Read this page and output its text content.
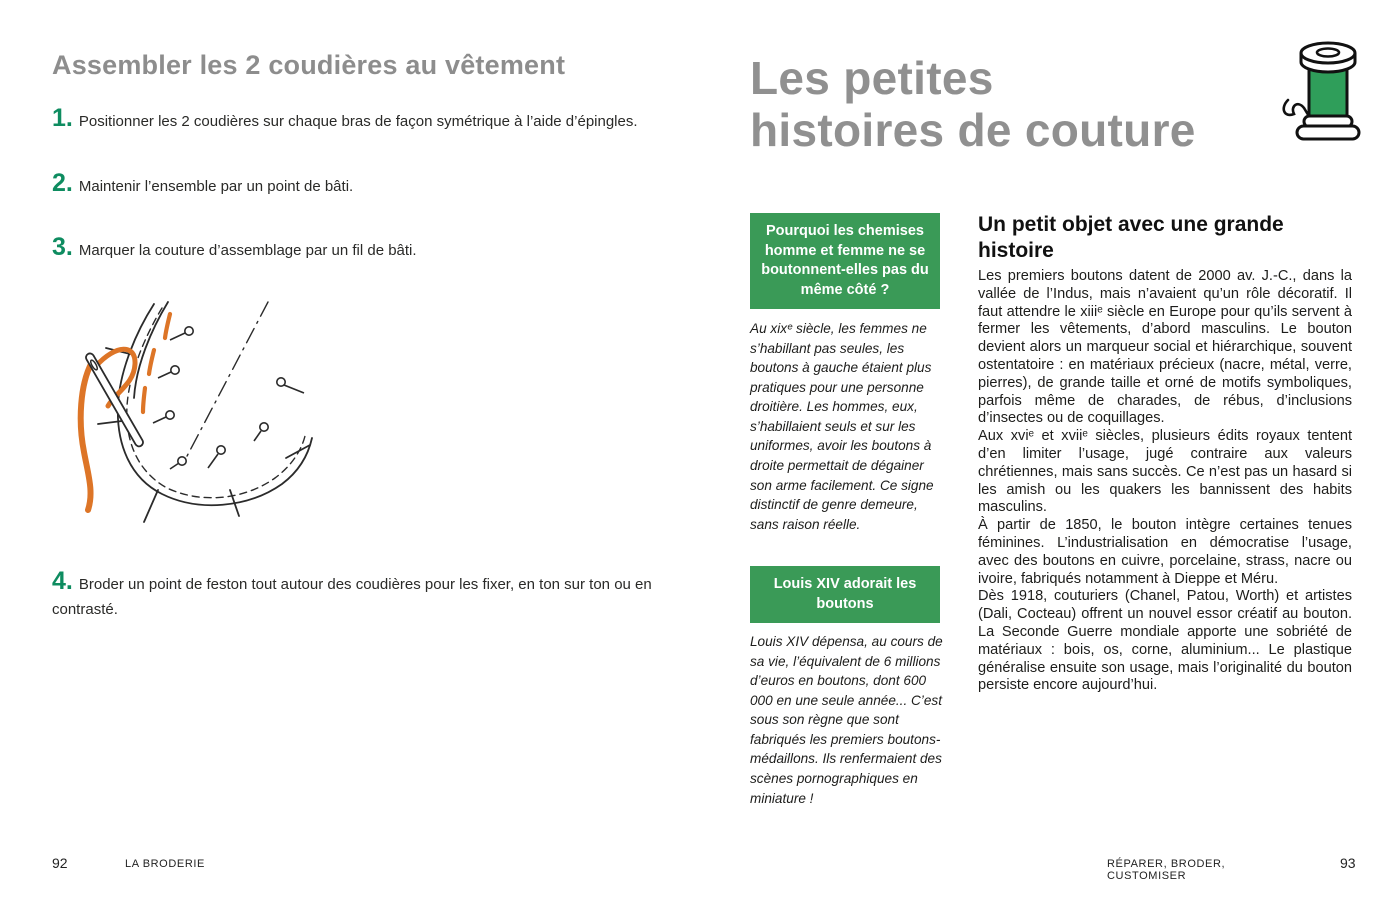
Assembler les 2 coudières au vêtement
1. Positionner les 2 coudières sur chaque bras de façon symétrique à l’aide d’épingles.
2. Maintenir l’ensemble par un point de bâti.
3. Marquer la couture d’assemblage par un fil de bâti.
4. Broder un point de feston tout autour des coudières pour les fixer, en ton sur ton ou en contrasté.
92	LA BRODERIE
Les petites
histoires de couture
Pourquoi les chemises homme et femme ne se boutonnent-elles pas du même côté ?
Au xixᵉ siècle, les femmes ne s’habillant pas seules, les boutons à gauche étaient plus pratiques pour une personne droitière. Les hommes, eux, s’habillaient seuls et sur les uniformes, avoir les boutons à droite permettait de dégainer son arme facilement. Ce signe distinctif de genre demeure, sans raison réelle.
Louis XIV adorait les boutons
Louis XIV dépensa, au cours de sa vie, l’équivalent de 6 millions d’euros en boutons, dont 600 000 en une seule année... C’est sous son règne que sont fabriqués les premiers boutons-médaillons. Ils renfermaient des scènes pornographiques en miniature !
Un petit objet avec une grande histoire

Les premiers boutons datent de 2000 av. J.-C., dans la vallée de l’Indus, mais n’avaient qu’un rôle décoratif. Il faut attendre le xiiiᵉ siècle en Europe pour qu’ils servent à fermer les vêtements, d’abord masculins. Le bouton devient alors un marqueur social et hiérarchique, souvent ostentatoire : en matériaux précieux (nacre, métal, verre, pierres), de grande taille et orné de motifs symboliques, parfois même de charades, de rébus, d’inclusions d’insectes ou de coquillages.

Aux xviᵉ et xviiᵉ siècles, plusieurs édits royaux tentent d’en limiter l’usage, jugé contraire aux valeurs chrétiennes, mais sans succès. Ce n’est pas un hasard si les amish ou les quakers les bannissent des habits masculins.

À partir de 1850, le bouton intègre certaines tenues féminines. L’industrialisation en démocratise l’usage, avec des boutons en cuivre, porcelaine, strass, nacre ou ivoire, fabriqués notamment à Dieppe et Méru.

Dès 1918, couturiers (Chanel, Patou, Worth) et artistes (Dali, Cocteau) offrent un nouvel essor créatif au bouton. La Seconde Guerre mondiale apporte une sobriété de matériaux : bois, os, corne, aluminium... Le plastique généralise ensuite son usage, mais l’originalité du bouton persiste encore aujourd’hui.

RÉPARER, BRODER, CUSTOMISER
93
